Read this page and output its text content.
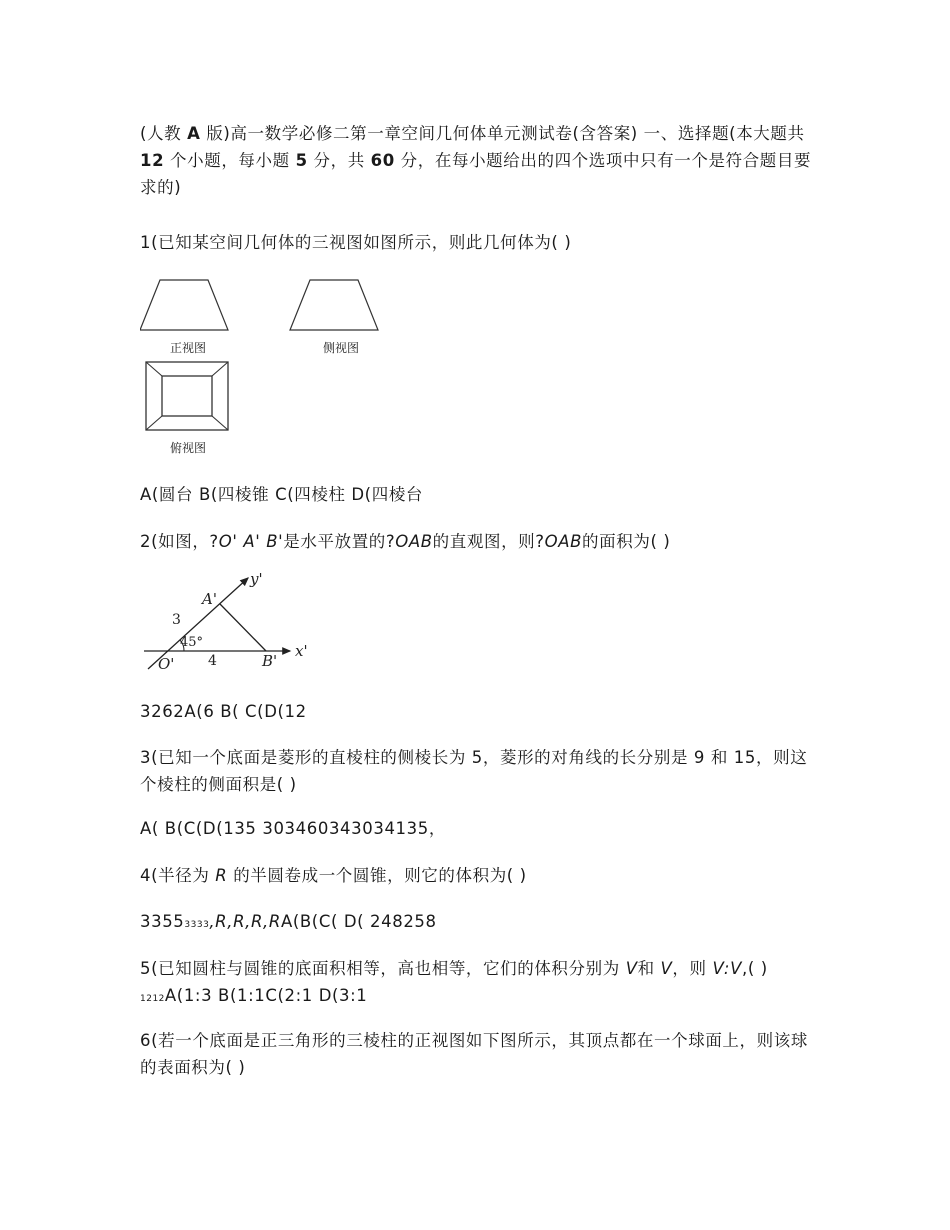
(人教 A 版)高一数学必修二第一章空间几何体单元测试卷(含答案) 一、选择题(本大题共 12 个小题，每小题 5 分，共 60 分，在每小题给出的四个选项中只有一个是符合题目要求的)

1(已知某空间几何体的三视图如图所示，则此几何体为( )

正视图	侧视图
俯视图

A(圆台 B(四棱锥 C(四棱柱 D(四棱台

2(如图，?O' A' B'是水平放置的?OAB的直观图，则?OAB的面积为( )

y'
A'
3
45°
O' 4	B'
x'

3262A(6 B( C(D(12

3(已知一个底面是菱形的直棱柱的侧棱长为 5，菱形的对角线的长分别是 9 和 15，则这个棱柱的侧面积是( )

A( B(C(D(135 303460343034135，

4(半径为 R 的半圆卷成一个圆锥，则它的体积为( )

33553333,R,R,R,RA(B(C( D( 248258

5(已知圆柱与圆锥的底面积相等，高也相等，它们的体积分别为 V和 V，则 V:V,( )
1212A(1:3 B(1:1C(2:1 D(3:1

6(若一个底面是正三角形的三棱柱的正视图如下图所示，其顶点都在一个球面上，则该球的表面积为( )
